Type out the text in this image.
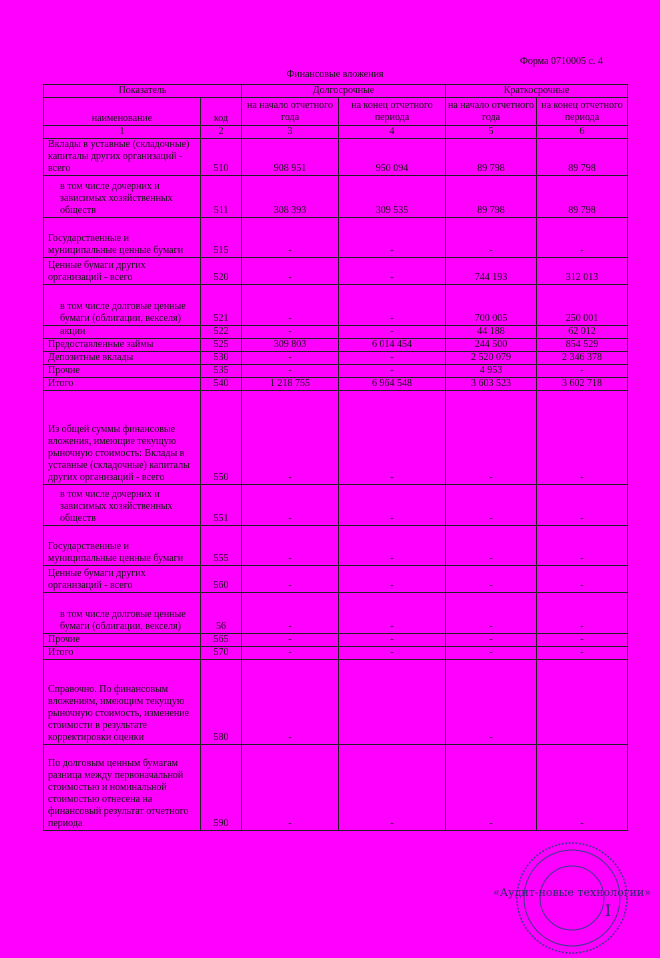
Форма 0710005 с. 4
Финансовые вложения
Показатель		Долгосрочные		Краткосрочные	
наименование	код	на начало отчетного года	на конец отчетного периода	на начало отчетного года	на конец отчетного периода
1	2	3	4	5	6
Вклады в уставные (складочные) капиталы других организаций - всего	510	908 951	950 094	89 798	89 798
в том числе дочерних и зависимых хозяйственных обществ	511	308 393	309 535	89 798	89 798
Государственные и муниципальные ценные бумаги	515	-	-	-	-
Ценные бумаги других организаций - всего	520	-	-	744 193	312 013
в том числе долговые ценные бумаги (облигации, векселя)	521	-	-	700 005	250 001
акции	522	-	-	44 188	62 012
Предоставленные займы	525	309 803	6 014 454	244 500	854 529
Депозитные вклады	530	-	-	2 520 079	2 346 378
Прочие	535	-	-	4 953	-
Итого	540	1 218 755	6 964 548	3 603 523	3 602 718
Из общей суммы финансовые вложения, имеющие текущую рыночную стоимость: Вклады в уставные (складочные) капиталы других организаций - всего	550	-	-	-	-
в том числе дочерних и зависимых хозяйственных обществ	551	-	-	-	-
Государственные и муниципальные ценные бумаги	555	-	-	-	-
Ценные бумаги других организаций - всего	560	-	-	-	-
в том числе долговые ценные бумаги (облигации, векселя)	56	-	-	-	-
Прочие	565	-	-	-	-
Итого	570	-	-	-	-
Справочно. По финансовым вложениям, имеющим текущую рыночную стоимость, изменение стоимости в результате корректировки оценки	580	-		-	
По долговым ценным бумагам разница между первоначальной стоимостью и номинальной стоимостью отнесена на финансовый результат отчетного периода	590	-	-	-	-
«Аудит-новые технологии»
І
